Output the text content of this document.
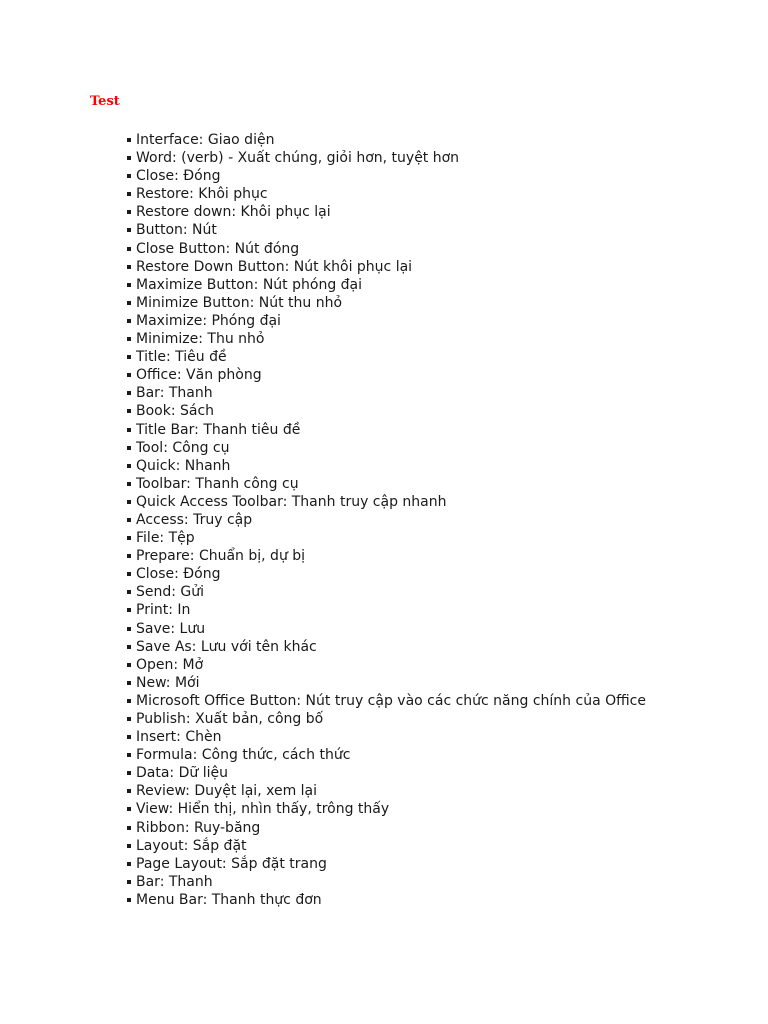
Test
Interface: Giao diện
Word: (verb) - Xuất chúng, giỏi hơn, tuyệt hơn
Close: Đóng
Restore: Khôi phục
Restore down: Khôi phục lại
Button: Nút
Close Button: Nút đóng
Restore Down Button: Nút khôi phục lại
Maximize Button: Nút phóng đại
Minimize Button: Nút thu nhỏ
Maximize: Phóng đại
Minimize: Thu nhỏ
Title: Tiêu đề
Office: Văn phòng
Bar: Thanh
Book: Sách
Title Bar: Thanh tiêu đề
Tool: Công cụ
Quick: Nhanh
Toolbar: Thanh công cụ
Quick Access Toolbar: Thanh truy cập nhanh
Access: Truy cập
File: Tệp
Prepare: Chuẩn bị, dự bị
Close: Đóng
Send: Gửi
Print: In
Save: Lưu
Save As: Lưu với tên khác
Open: Mở
New: Mới
Microsoft Office Button: Nút truy cập vào các chức năng chính của Office
Publish: Xuất bản, công bố
Insert: Chèn
Formula: Công thức, cách thức
Data: Dữ liệu
Review: Duyệt lại, xem lại
View: Hiển thị, nhìn thấy, trông thấy
Ribbon: Ruy-băng
Layout: Sắp đặt
Page Layout: Sắp đặt trang
Bar: Thanh
Menu Bar: Thanh thực đơn
